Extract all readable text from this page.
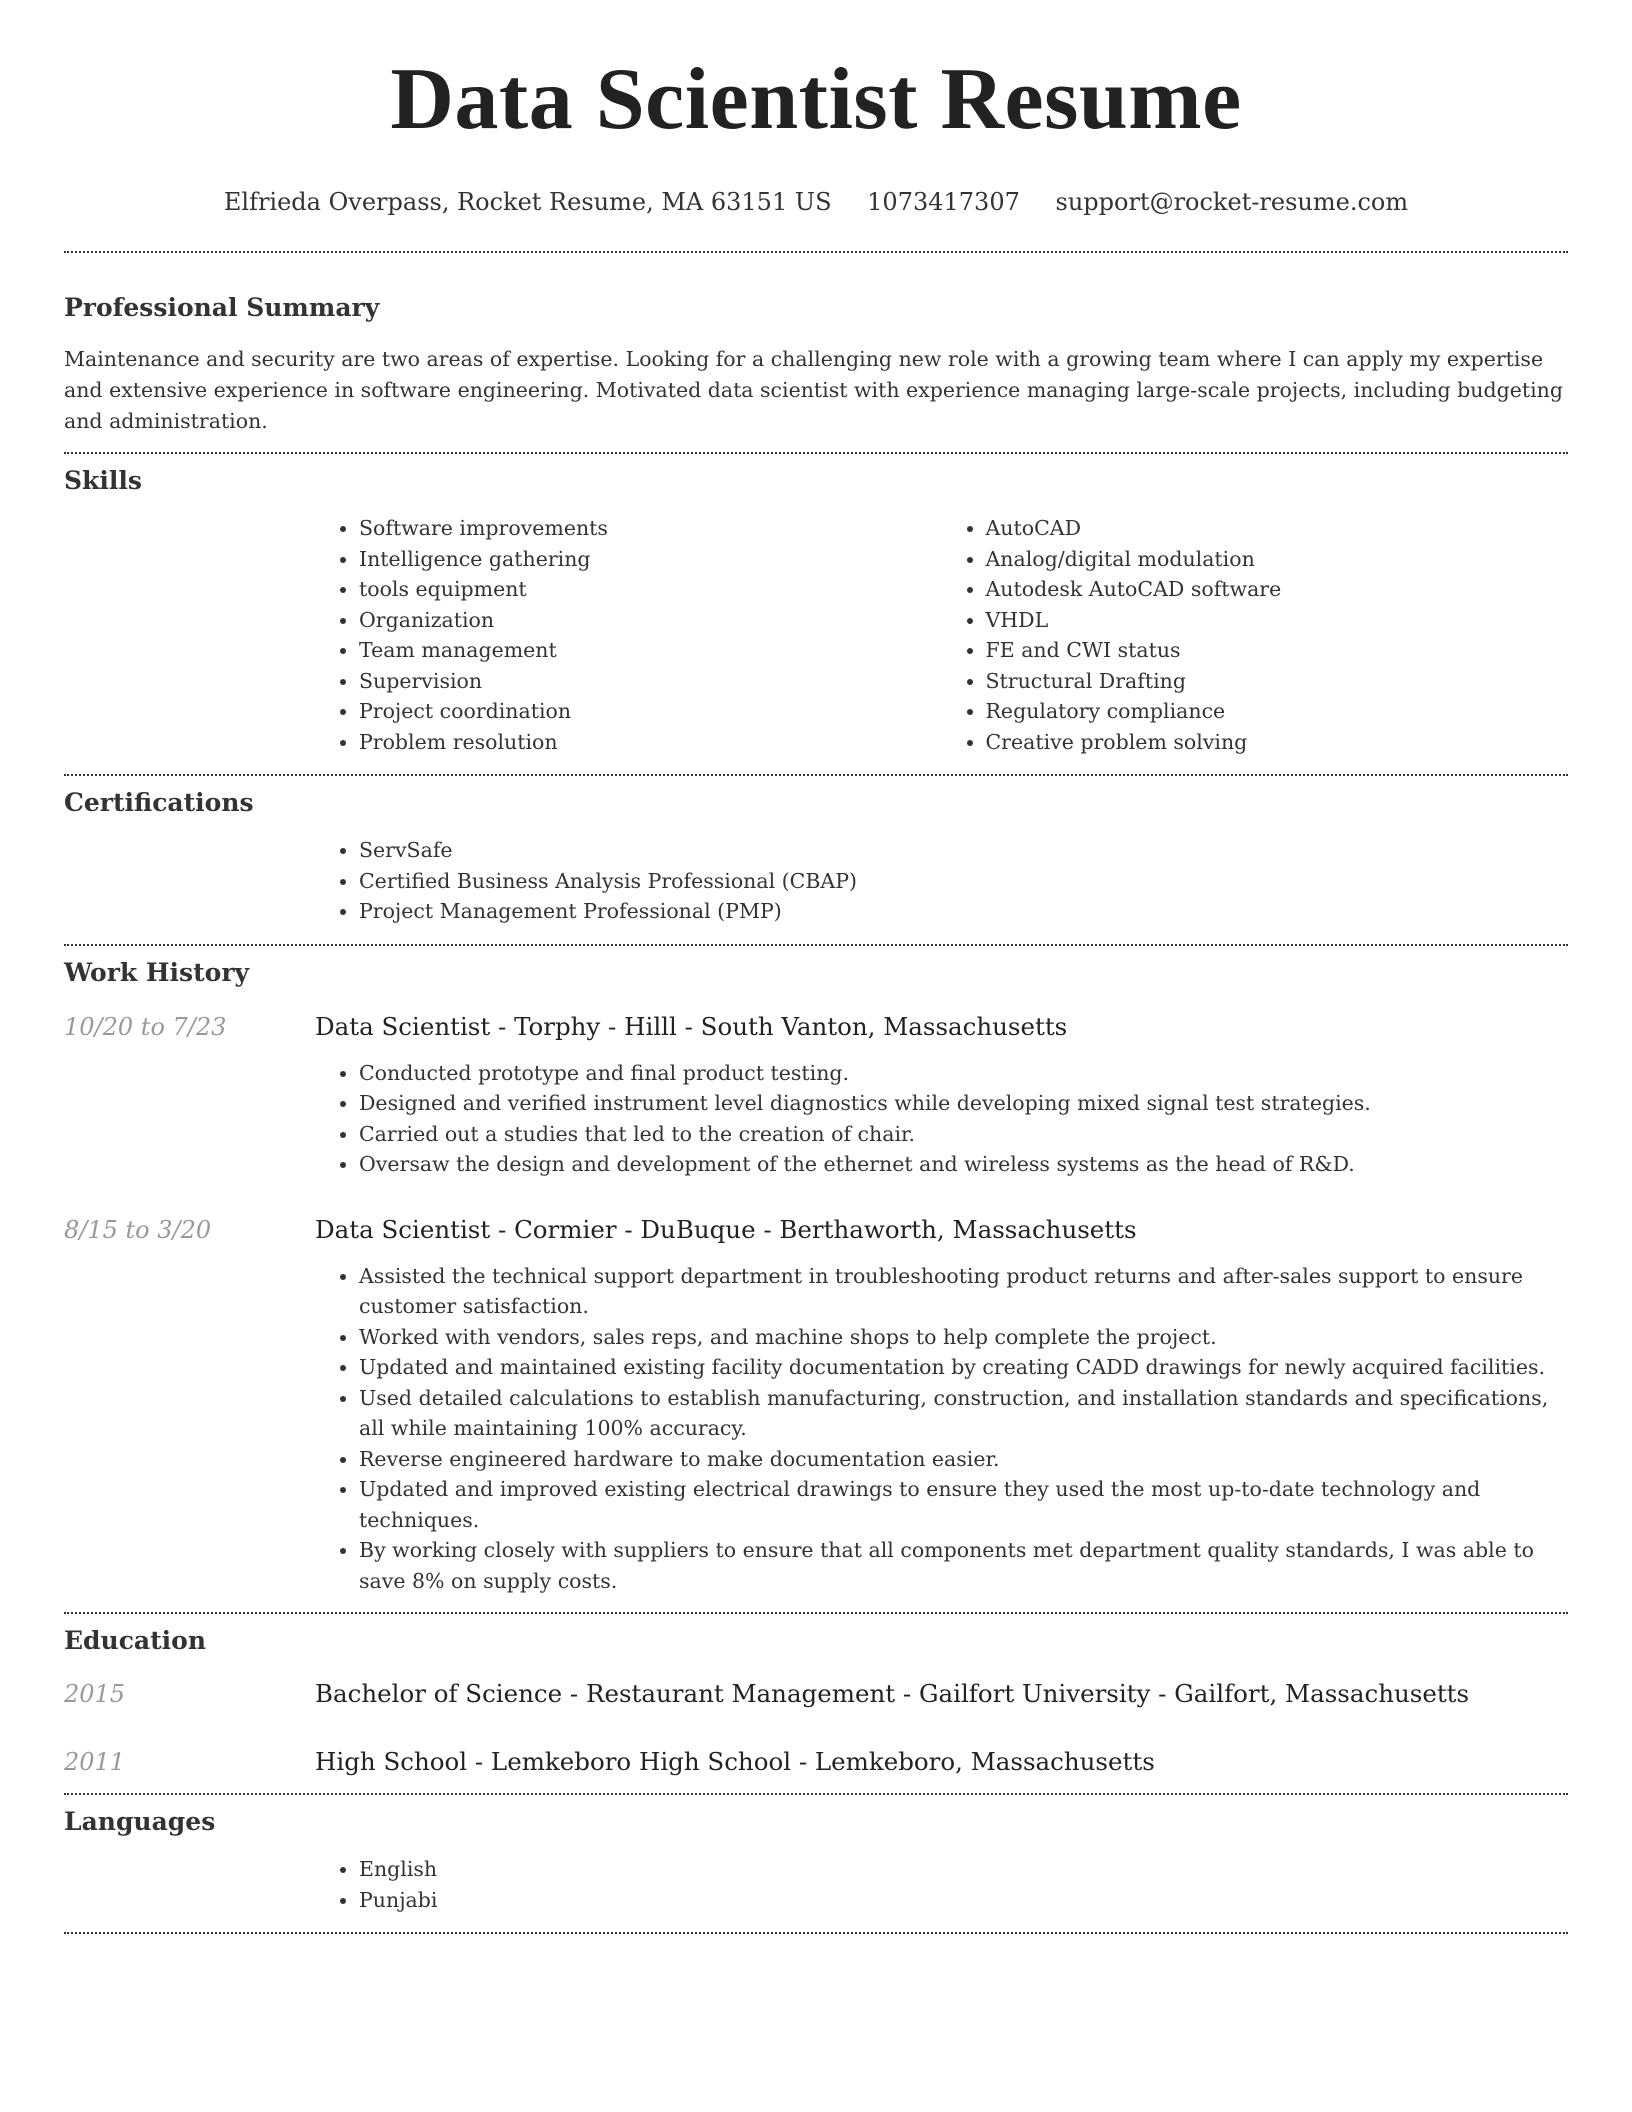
Data Scientist Resume
Elfrieda Overpass, Rocket Resume, MA 63151 US 1073417307 support@rocket-resume.com
Professional Summary

Maintenance and security are two areas of expertise. Looking for a challenging new role with a growing team where I can apply my expertise and extensive experience in software engineering. Motivated data scientist with experience managing large-scale projects, including budgeting and administration.

Skills
• Software improvements
• Intelligence gathering
• tools equipment
• Organization
• Team management
• Supervision
• Project coordination
• Problem resolution
• AutoCAD
• Analog/digital modulation
• Autodesk AutoCAD software
• VHDL
• FE and CWI status
• Structural Drafting
• Regulatory compliance
• Creative problem solving
Certifications
• ServSafe
• Certified Business Analysis Professional (CBAP)
• Project Management Professional (PMP)
Work History
10/20 to 7/23	Data Scientist - Torphy - Hilll - South Vanton, Massachusetts
• Conducted prototype and final product testing.
• Designed and verified instrument level diagnostics while developing mixed signal test strategies.
• Carried out a studies that led to the creation of chair.
• Oversaw the design and development of the ethernet and wireless systems as the head of R&D.
8/15 to 3/20	Data Scientist - Cormier - DuBuque - Berthaworth, Massachusetts
• Assisted the technical support department in troubleshooting product returns and after-sales support to ensure customer satisfaction.
• Worked with vendors, sales reps, and machine shops to help complete the project.
• Updated and maintained existing facility documentation by creating CADD drawings for newly acquired facilities.
• Used detailed calculations to establish manufacturing, construction, and installation standards and specifications, all while maintaining 100% accuracy.
• Reverse engineered hardware to make documentation easier.
• Updated and improved existing electrical drawings to ensure they used the most up-to-date technology and techniques.
• By working closely with suppliers to ensure that all components met department quality standards, I was able to save 8% on supply costs.
Education
2015	Bachelor of Science - Restaurant Management - Gailfort University - Gailfort, Massachusetts
2011	High School - Lemkeboro High School - Lemkeboro, Massachusetts
Languages
• English
• Punjabi
